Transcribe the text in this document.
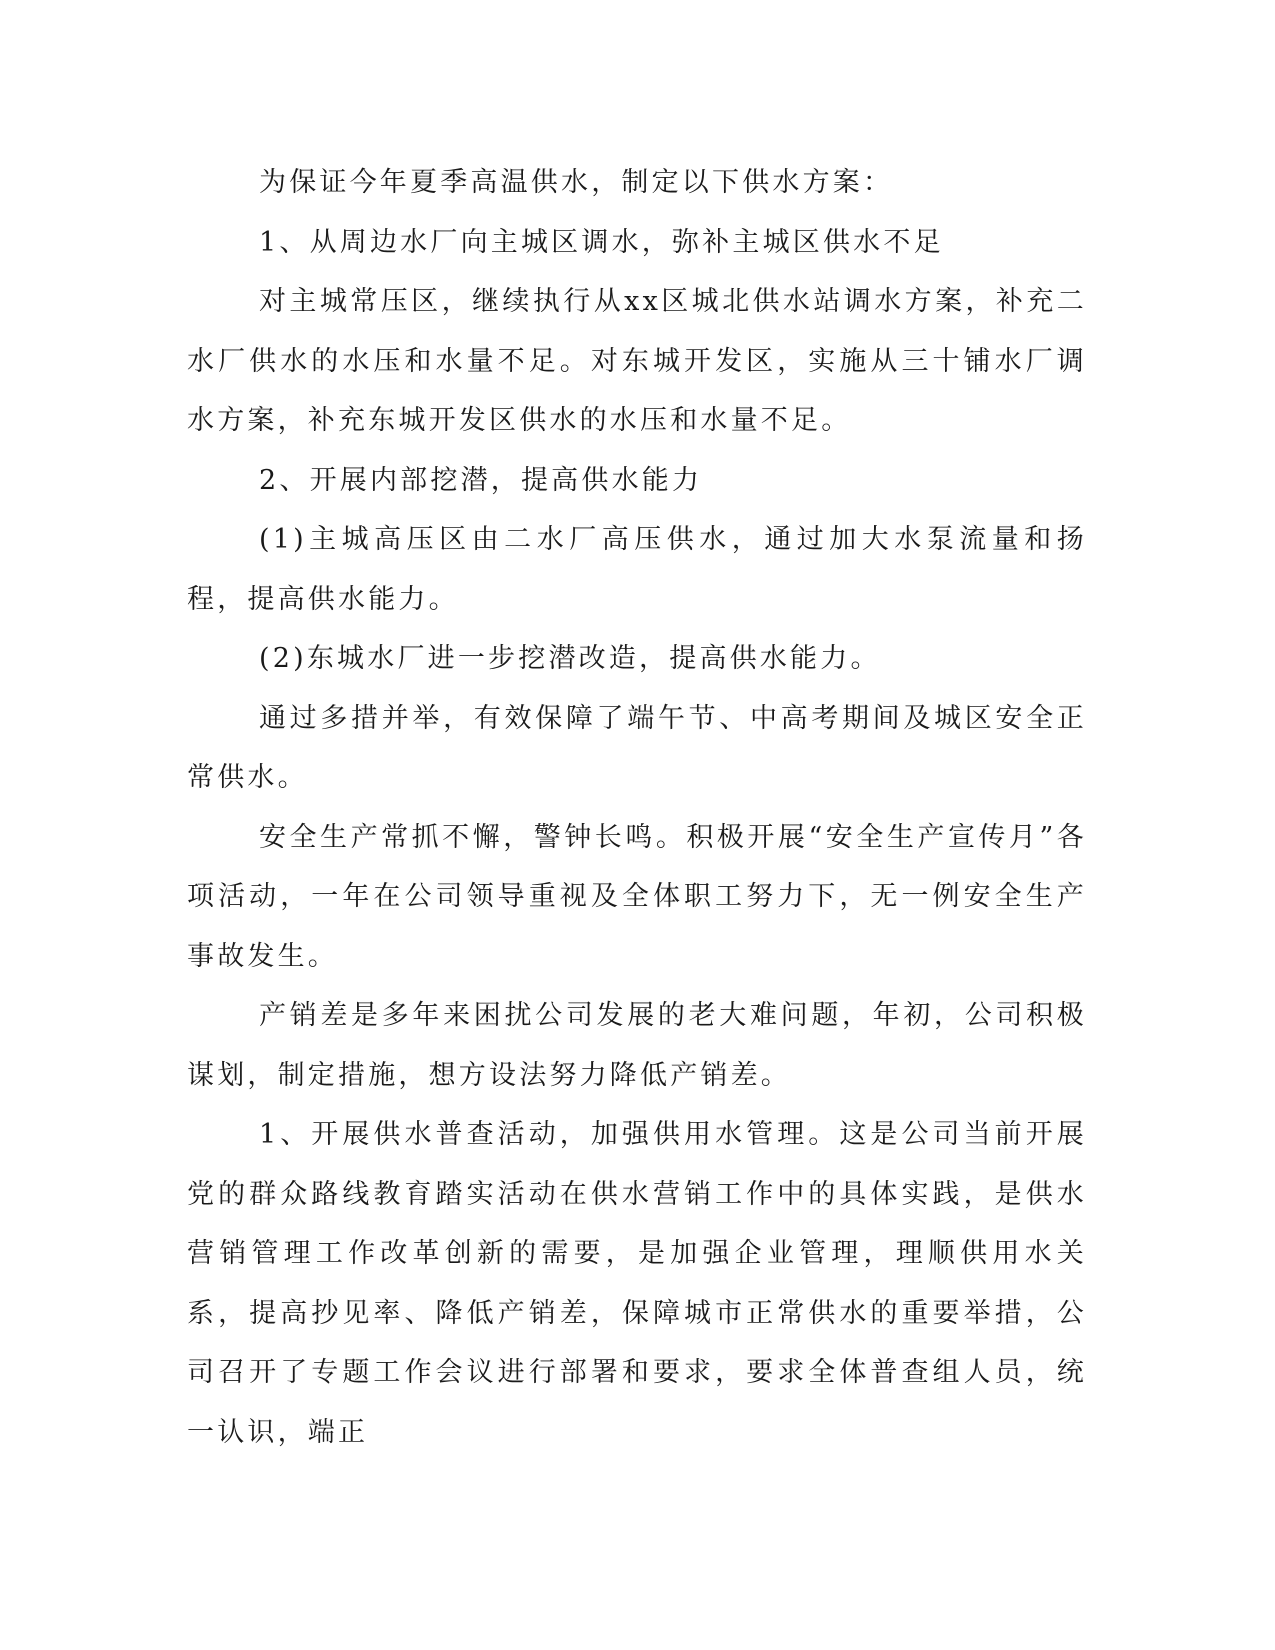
为保证今年夏季高温供水，制定以下供水方案：

1、从周边水厂向主城区调水，弥补主城区供水不足

对主城常压区，继续执行从xx区城北供水站调水方案，补充二水厂供水的水压和水量不足。对东城开发区，实施从三十铺水厂调水方案，补充东城开发区供水的水压和水量不足。

2、开展内部挖潜，提高供水能力

(1)主城高压区由二水厂高压供水，通过加大水泵流量和扬程，提高供水能力。

(2)东城水厂进一步挖潜改造，提高供水能力。

通过多措并举，有效保障了端午节、中高考期间及城区安全正常供水。

安全生产常抓不懈，警钟长鸣。积极开展“安全生产宣传月”各项活动，一年在公司领导重视及全体职工努力下，无一例安全生产事故发生。

产销差是多年来困扰公司发展的老大难问题，年初，公司积极谋划，制定措施，想方设法努力降低产销差。

1、开展供水普查活动，加强供用水管理。这是公司当前开展党的群众路线教育踏实活动在供水营销工作中的具体实践，是供水营销管理工作改革创新的需要，是加强企业管理，理顺供用水关系，提高抄见率、降低产销差，保障城市正常供水的重要举措，公司召开了专题工作会议进行部署和要求，要求全体普查组人员，统一认识，端正
